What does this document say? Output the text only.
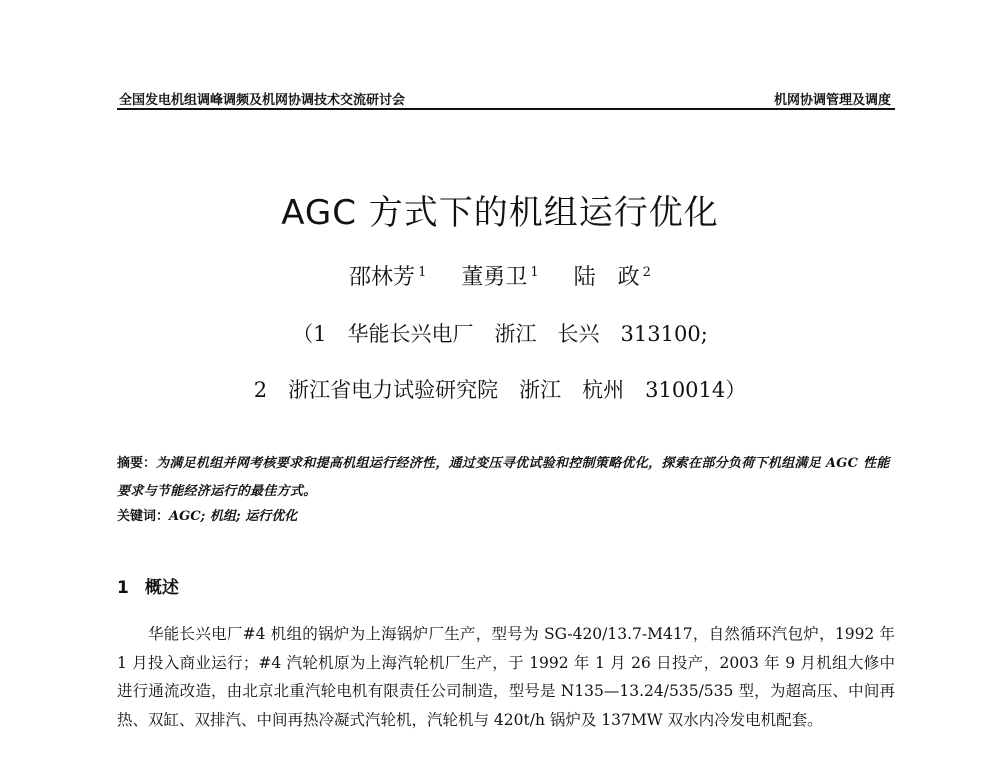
全国发电机组调峰调频及机网协调技术交流研讨会	机网协调管理及调度
AGC 方式下的机组运行优化
邵林芳 $^1$ 董勇卫 $^1$ 陆　政 $^2$
（1　华能长兴电厂　浙江　长兴　313100;
2　浙江省电力试验研究院　浙江　杭州　310014）
摘要：为满足机组并网考核要求和提高机组运行经济性，通过变压寻优试验和控制策略优化，探索在部分负荷下机组满足 AGC 性能要求与节能经济运行的最佳方式。
关键词：AGC; 机组; 运行优化
1 概述
华能长兴电厂#4 机组的锅炉为上海锅炉厂生产，型号为 SG-420/13.7-M417，自然循环汽包炉，1992 年 1 月投入商业运行；#4 汽轮机原为上海汽轮机厂生产，于 1992 年 1 月 26 日投产，2003 年 9 月机组大修中进行通流改造，由北京北重汽轮电机有限责任公司制造，型号是 N135—13.24/535/535 型，为超高压、中间再热、双缸、双排汽、中间再热冷凝式汽轮机，汽轮机与 420t/h 锅炉及 137MW 双水内冷发电机配套。
